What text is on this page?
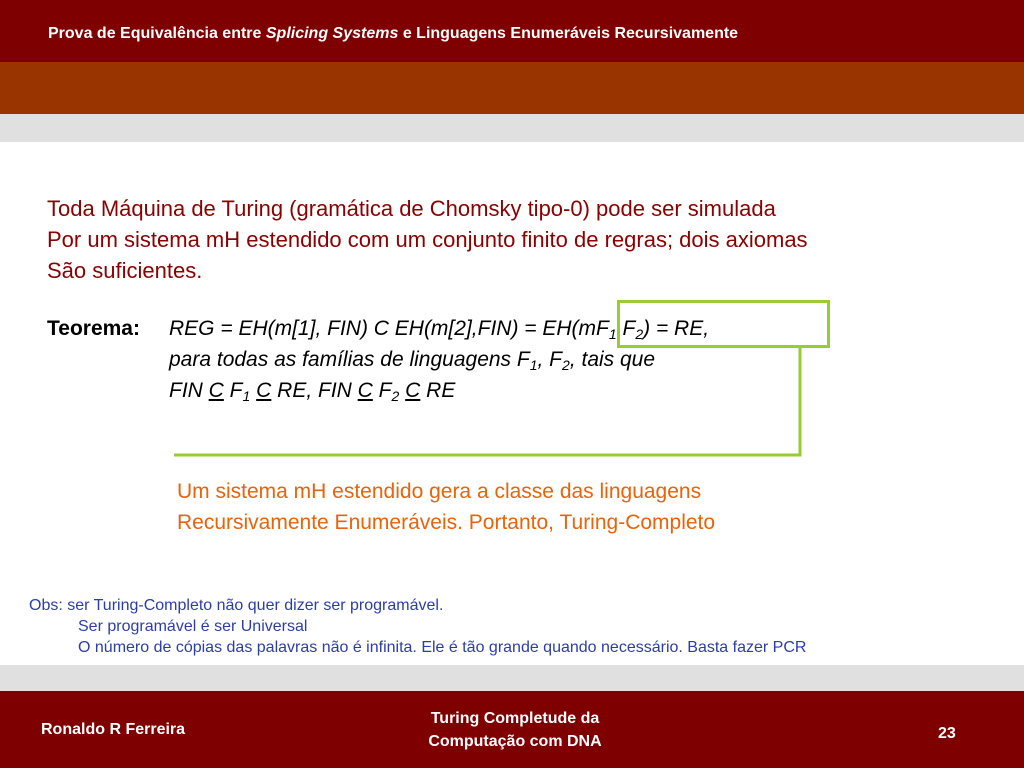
Prova de Equivalência entre Splicing Systems e Linguagens Enumeráveis Recursivamente
Toda Máquina de Turing (gramática de Chomsky tipo-0) pode ser simulada
Por um sistema mH estendido com um conjunto finito de regras; dois axiomas
São suficientes.
Teorema: REG = EH(m[1], FIN) C $EH(m[2],FIN) = EH(mF_1,F_2)$ = RE,
para todas as famílias de linguagens $F_1$, $F_2$, tais que
FIN C $F_1$ C RE, FIN C $F_2$ C RE
Um sistema mH estendido gera a classe das linguagens
Recursivamente Enumeráveis. Portanto, Turing-Completo
Obs: ser Turing-Completo não quer dizer ser programável.
Ser programável é ser Universal
O número de cópias das palavras não é infinita. Ele é tão grande quando necessário. Basta fazer PCR
Ronaldo R Ferreira
Turing Completude da
Computação com DNA	23
